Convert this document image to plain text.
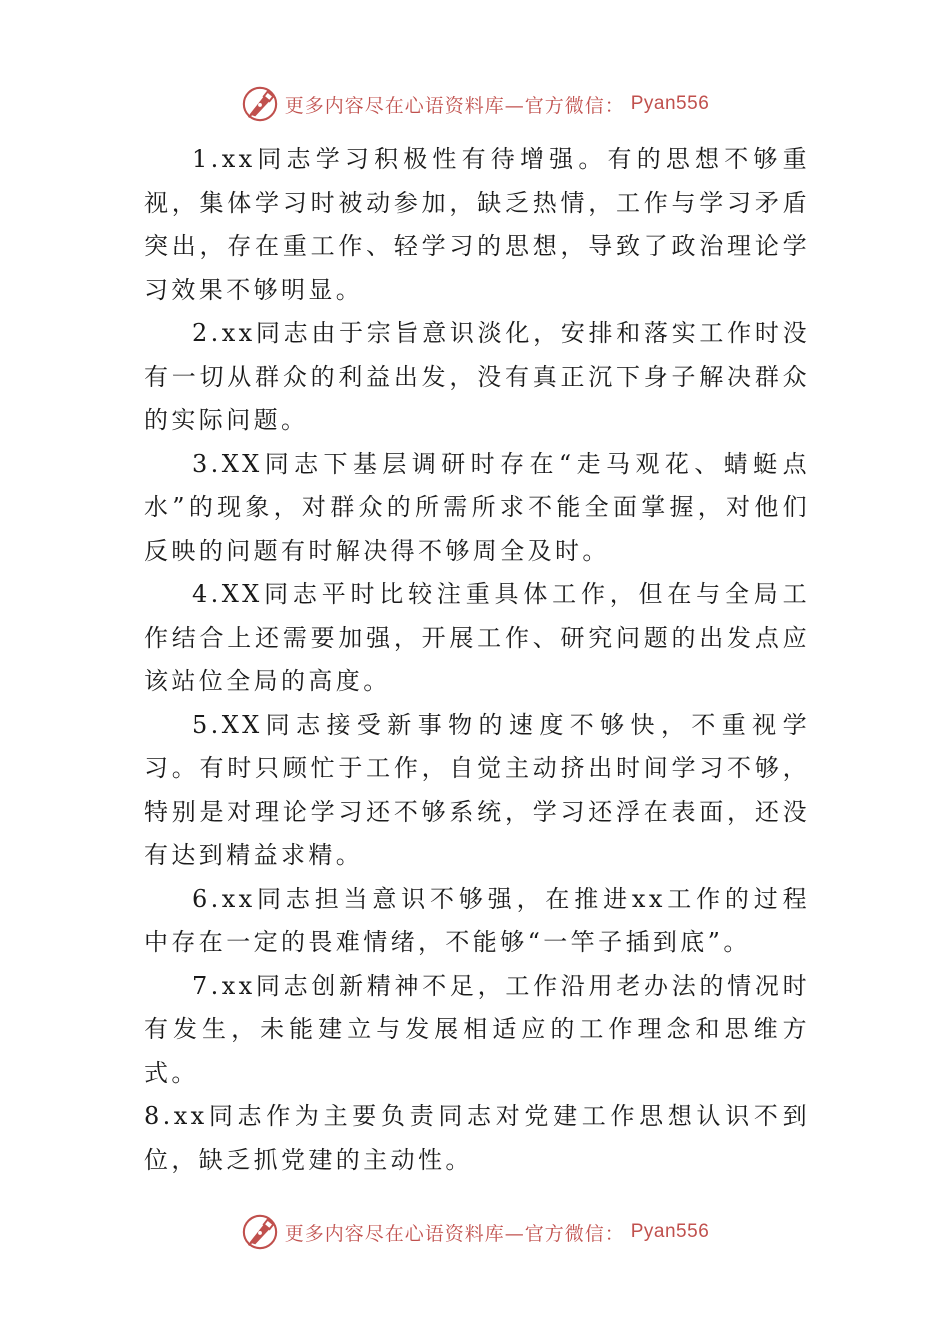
更多内容尽在心语资料库—官方微信： Pyan556

1.xx同志学习积极性有待增强。有的思想不够重视，集体学习时被动参加，缺乏热情，工作与学习矛盾突出，存在重工作、轻学习的思想，导致了政治理论学习效果不够明显。

2.xx同志由于宗旨意识淡化，安排和落实工作时没有一切从群众的利益出发，没有真正沉下身子解决群众的实际问题。

3.XX同志下基层调研时存在“走马观花、蜻蜓点水”的现象，对群众的所需所求不能全面掌握，对他们反映的问题有时解决得不够周全及时。

4.XX同志平时比较注重具体工作，但在与全局工作结合上还需要加强，开展工作、研究问题的出发点应该站位全局的高度。

5.XX同志接受新事物的速度不够快，不重视学习。有时只顾忙于工作，自觉主动挤出时间学习不够，特别是对理论学习还不够系统，学习还浮在表面，还没有达到精益求精。

6.xx同志担当意识不够强，在推进xx工作的过程中存在一定的畏难情绪，不能够“一竿子插到底”。

7.xx同志创新精神不足，工作沿用老办法的情况时有发生，未能建立与发展相适应的工作理念和思维方式。

8.xx同志作为主要负责同志对党建工作思想认识不到位，缺乏抓党建的主动性。

更多内容尽在心语资料库—官方微信： Pyan556
